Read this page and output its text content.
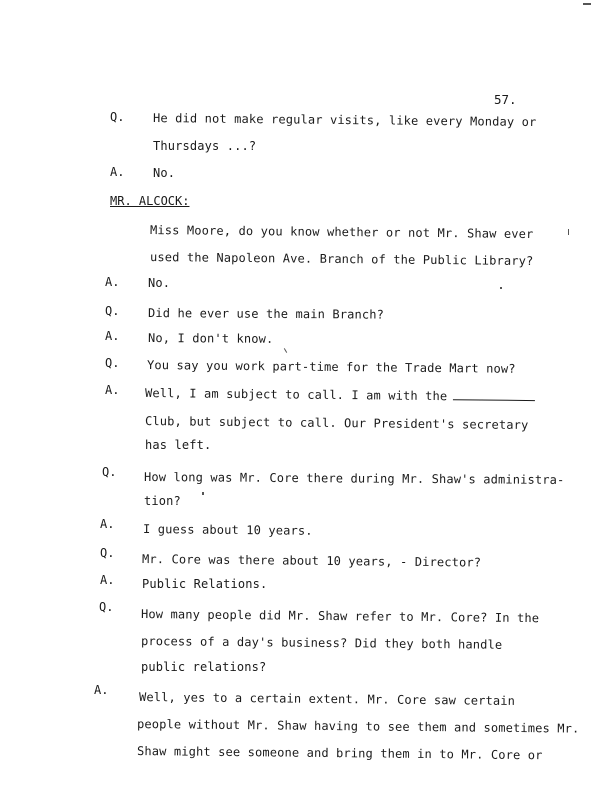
57.
Q. He did not make regular visits, like every Monday or
Thursdays ...?
A. No.
MR. ALCOCK:
Miss Moore, do you know whether or not Mr. Shaw ever
used the Napoleon Ave. Branch of the Public Library?
A. No.
Q. Did he ever use the main Branch?
A. No, I don't know.
Q. You say you work part-time for the Trade Mart now?
A. Well, I am subject to call. I am with the
Club, but subject to call. Our President's secretary
has left.
Q. How long was Mr. Core there during Mr. Shaw's administra-
tion?
A. I guess about 10 years.
Q. Mr. Core was there about 10 years, - Director?
A. Public Relations.
Q.
How many people did Mr. Shaw refer to Mr. Core? In the
process of a day's business? Did they both handle
public relations?
A.
Well, yes to a certain extent. Mr. Core saw certain
people without Mr. Shaw having to see them and sometimes Mr.
Shaw might see someone and bring them in to Mr. Core or
